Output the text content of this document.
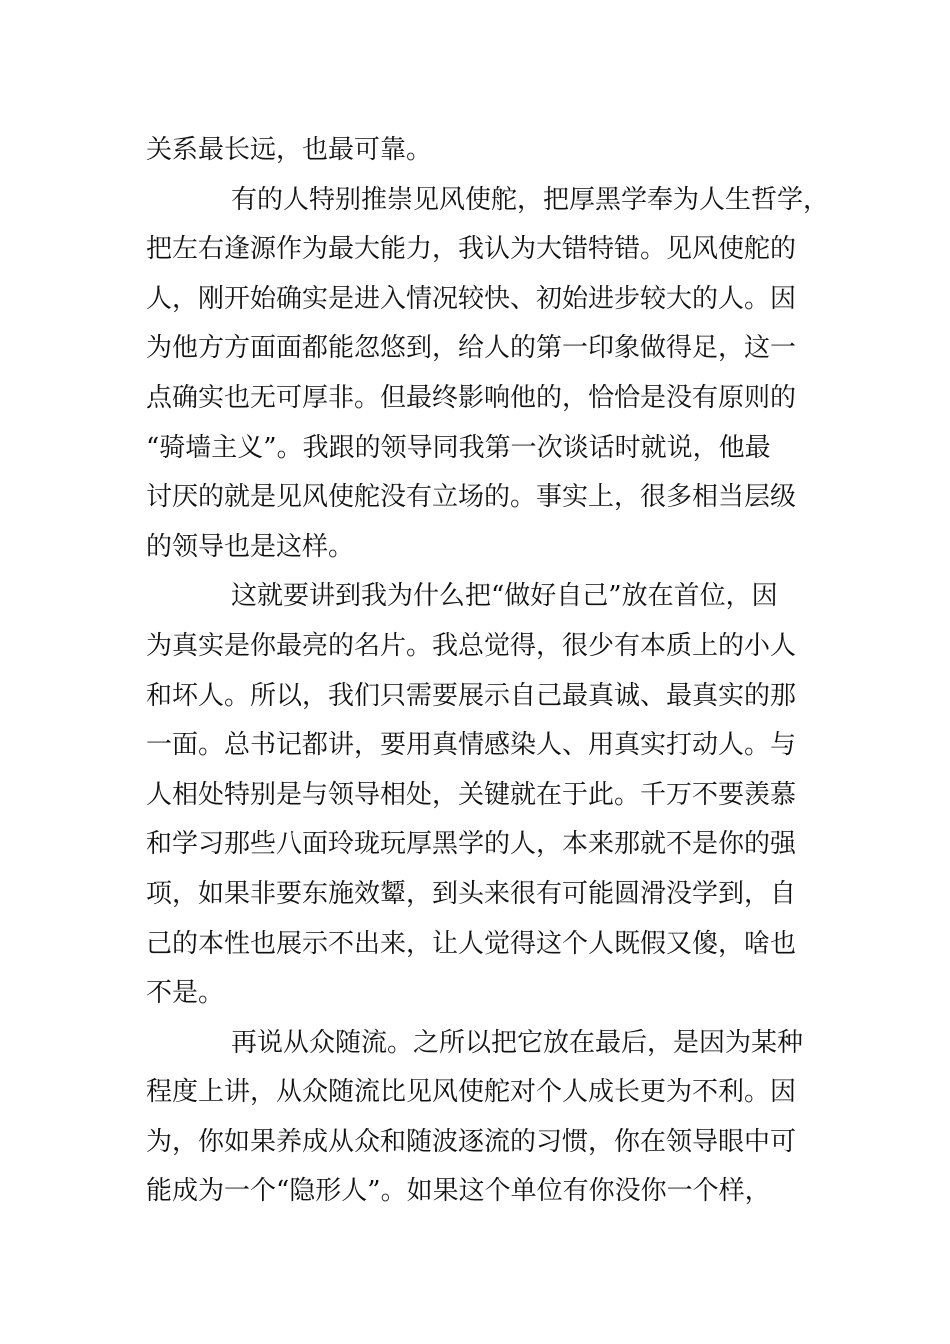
关系最长远，也最可靠。
有的人特别推崇见风使舵，把厚黑学奉为人生哲学，
把左右逢源作为最大能力，我认为大错特错。见风使舵的
人，刚开始确实是进入情况较快、初始进步较大的人。因
为他方方面面都能忽悠到，给人的第一印象做得足，这一
点确实也无可厚非。但最终影响他的，恰恰是没有原则的
“骑墙主义”。我跟的领导同我第一次谈话时就说，他最
讨厌的就是见风使舵没有立场的。事实上，很多相当层级
的领导也是这样。
这就要讲到我为什么把“做好自己”放在首位，因
为真实是你最亮的名片。我总觉得，很少有本质上的小人
和坏人。所以，我们只需要展示自己最真诚、最真实的那
一面。总书记都讲，要用真情感染人、用真实打动人。与
人相处特别是与领导相处，关键就在于此。千万不要羡慕
和学习那些八面玲珑玩厚黑学的人，本来那就不是你的强
项，如果非要东施效颦，到头来很有可能圆滑没学到，自
己的本性也展示不出来，让人觉得这个人既假又傻，啥也
不是。
再说从众随流。之所以把它放在最后，是因为某种
程度上讲，从众随流比见风使舵对个人成长更为不利。因
为，你如果养成从众和随波逐流的习惯，你在领导眼中可
能成为一个“隐形人”。如果这个单位有你没你一个样，
